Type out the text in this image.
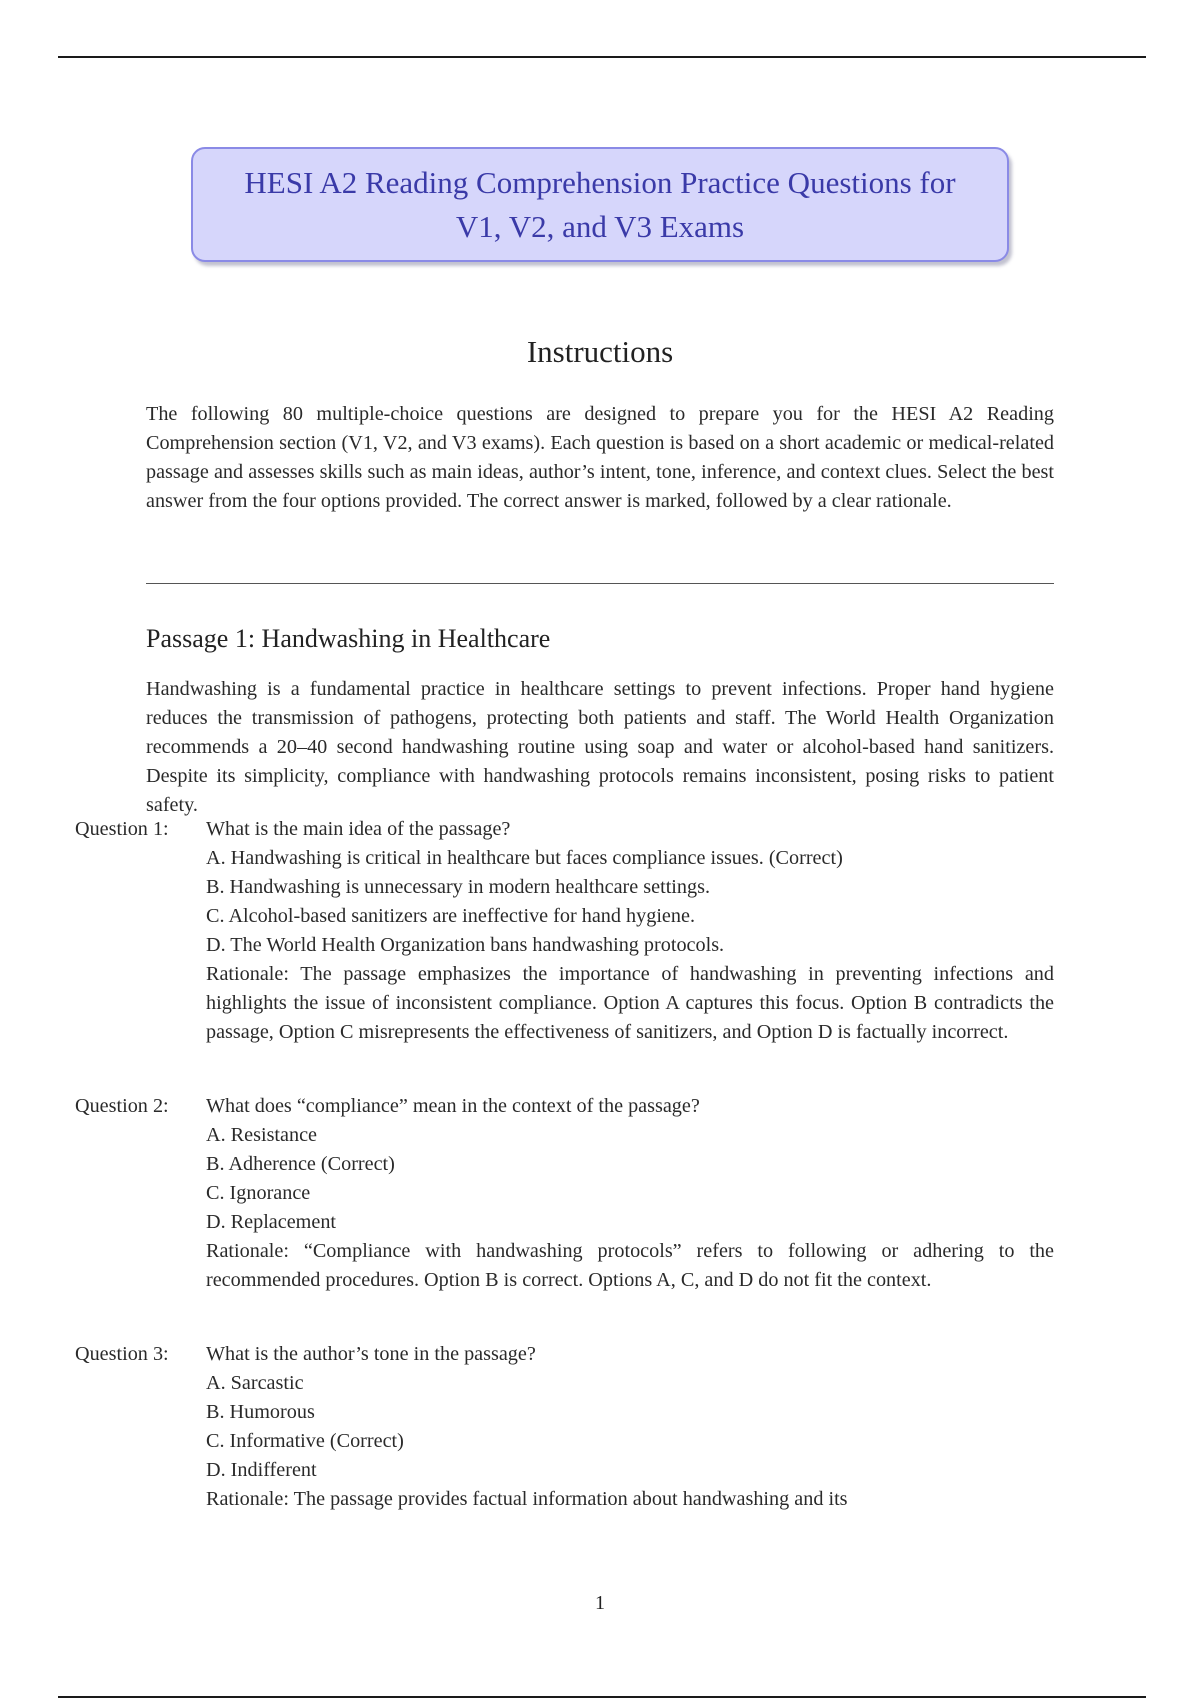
HESI A2 Reading Comprehension Practice Questions for V1, V2, and V3 Exams
Instructions
The following 80 multiple-choice questions are designed to prepare you for the HESI A2 Reading Comprehension section (V1, V2, and V3 exams). Each question is based on a short academic or medical-related passage and assesses skills such as main ideas, author’s intent, tone, inference, and context clues. Select the best answer from the four options provided. The correct answer is marked, followed by a clear rationale.
Passage 1: Handwashing in Healthcare
Handwashing is a fundamental practice in healthcare settings to prevent infections. Proper hand hygiene reduces the transmission of pathogens, protecting both patients and staff. The World Health Organization recommends a 20–40 second handwashing routine using soap and water or alcohol-based hand sanitizers. Despite its simplicity, compliance with handwashing protocols remains inconsistent, posing risks to patient safety.
Question 1: What is the main idea of the passage?
A. Handwashing is critical in healthcare but faces compliance issues. (Correct)
B. Handwashing is unnecessary in modern healthcare settings.
C. Alcohol-based sanitizers are ineffective for hand hygiene.
D. The World Health Organization bans handwashing protocols.
Rationale: The passage emphasizes the importance of handwashing in preventing infections and highlights the issue of inconsistent compliance. Option A captures this focus. Option B contradicts the passage, Option C misrepresents the effectiveness of sanitizers, and Option D is factually incorrect.
Question 2: What does “compliance” mean in the context of the passage?
A. Resistance
B. Adherence (Correct)
C. Ignorance
D. Replacement
Rationale: “Compliance with handwashing protocols” refers to following or adhering to the recommended procedures. Option B is correct. Options A, C, and D do not fit the context.
Question 3: What is the author’s tone in the passage?
A. Sarcastic
B. Humorous
C. Informative (Correct)
D. Indifferent
Rationale: The passage provides factual information about handwashing and its
1
